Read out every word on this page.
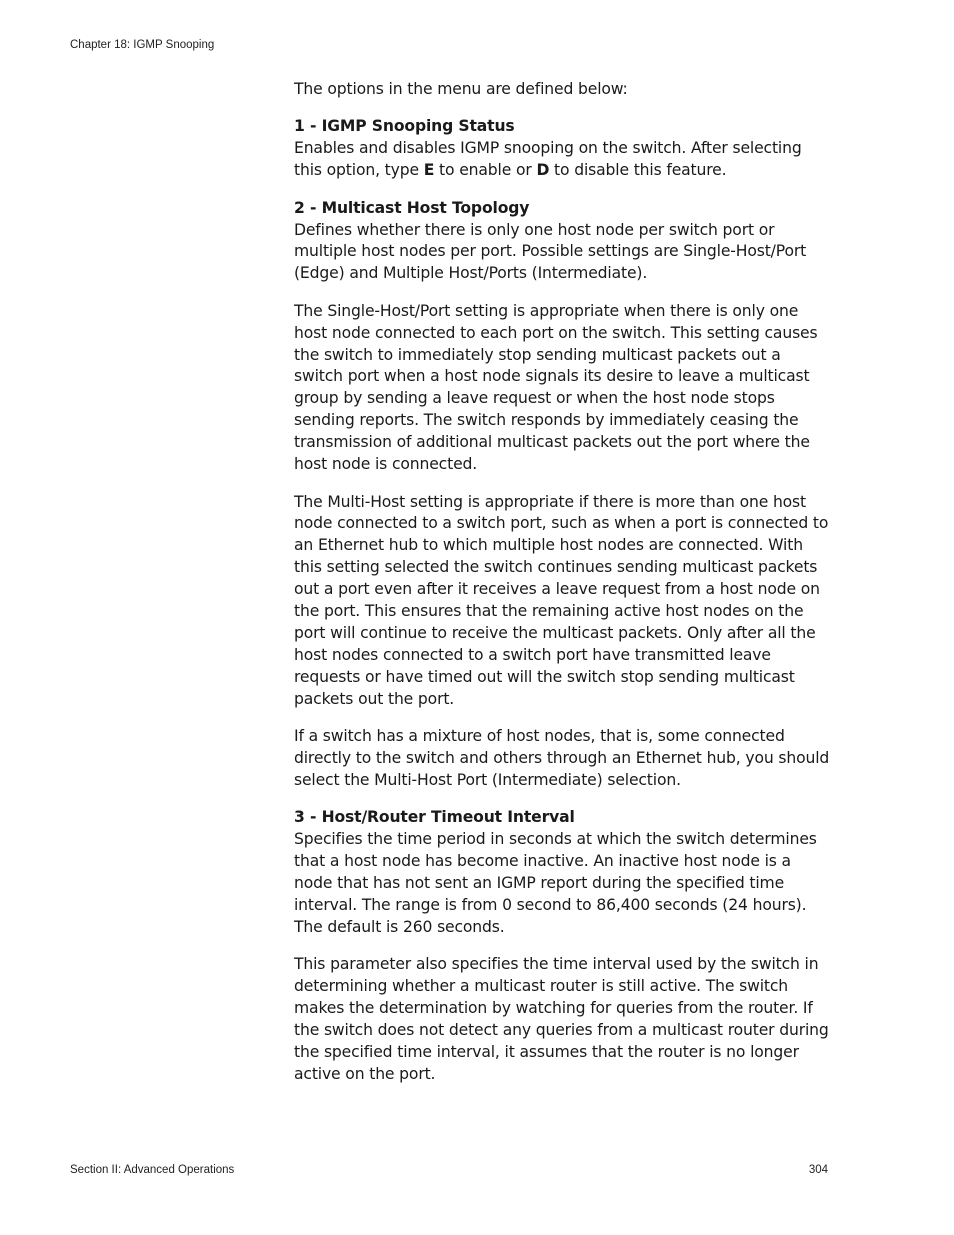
Chapter 18: IGMP Snooping

The options in the menu are defined below:

1 - IGMP Snooping Status

Enables and disables IGMP snooping on the switch. After selecting this option, type E to enable or D to disable this feature.

2 - Multicast Host Topology

Defines whether there is only one host node per switch port or multiple host nodes per port. Possible settings are Single-Host/Port (Edge) and Multiple Host/Ports (Intermediate).

The Single-Host/Port setting is appropriate when there is only one host node connected to each port on the switch. This setting causes the switch to immediately stop sending multicast packets out a switch port when a host node signals its desire to leave a multicast group by sending a leave request or when the host node stops sending reports. The switch responds by immediately ceasing the transmission of additional multicast packets out the port where the host node is connected.

The Multi-Host setting is appropriate if there is more than one host node connected to a switch port, such as when a port is connected to an Ethernet hub to which multiple host nodes are connected. With this setting selected the switch continues sending multicast packets out a port even after it receives a leave request from a host node on the port. This ensures that the remaining active host nodes on the port will continue to receive the multicast packets. Only after all the host nodes connected to a switch port have transmitted leave requests or have timed out will the switch stop sending multicast packets out the port.

If a switch has a mixture of host nodes, that is, some connected directly to the switch and others through an Ethernet hub, you should select the Multi-Host Port (Intermediate) selection.

3 - Host/Router Timeout Interval

Specifies the time period in seconds at which the switch determines that a host node has become inactive. An inactive host node is a node that has not sent an IGMP report during the specified time interval. The range is from 0 second to 86,400 seconds (24 hours). The default is 260 seconds.

This parameter also specifies the time interval used by the switch in determining whether a multicast router is still active. The switch makes the determination by watching for queries from the router. If the switch does not detect any queries from a multicast router during the specified time interval, it assumes that the router is no longer active on the port.

Section II: Advanced Operations	304
